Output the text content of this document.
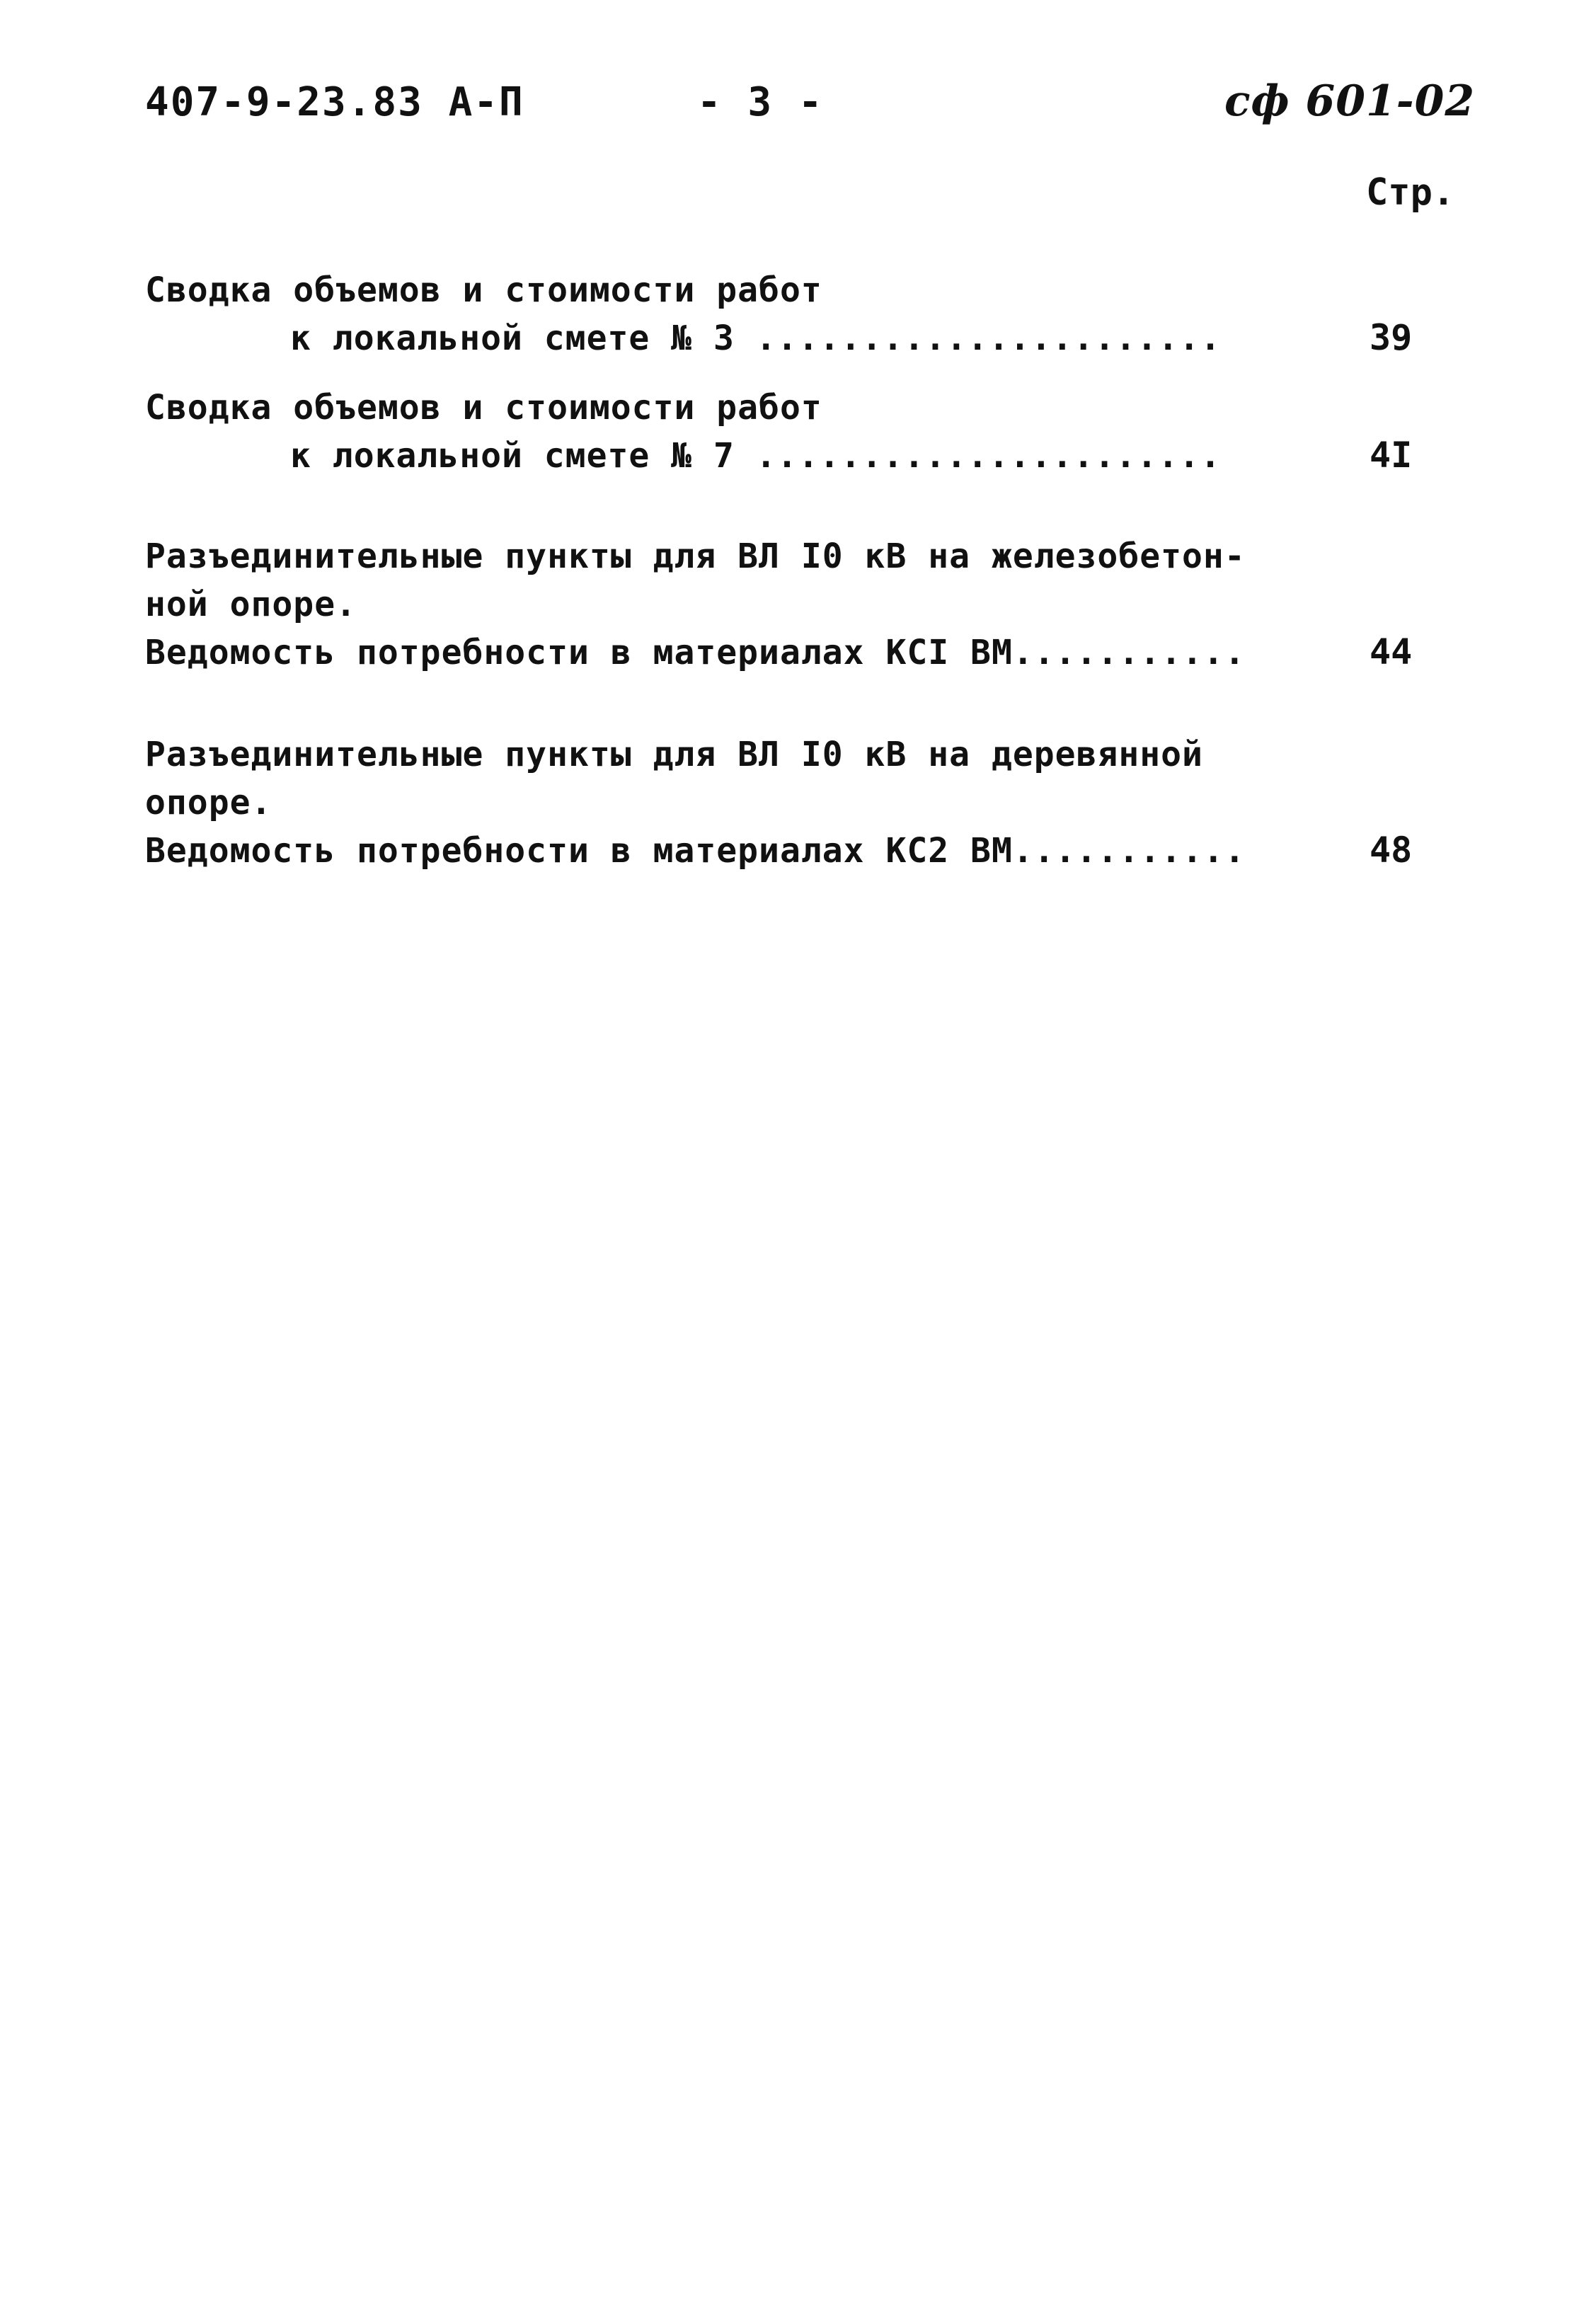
407-9-23.83 А-П	- 3 -	сф 601-02
Стр.
Сводка объемов и стоимости работ
к локальной смете № 3 ......................	39
Сводка объемов и стоимости работ
к локальной смете № 7 ......................	4I
Разъединительные пункты для ВЛ I0 кВ на железобетон-
ной опоре.
Ведомость потребности в материалах КСI ВМ...........	44
Разъединительные пункты для ВЛ I0 кВ на деревянной
опоре.
Ведомость потребности в материалах КС2 ВМ...........	48
